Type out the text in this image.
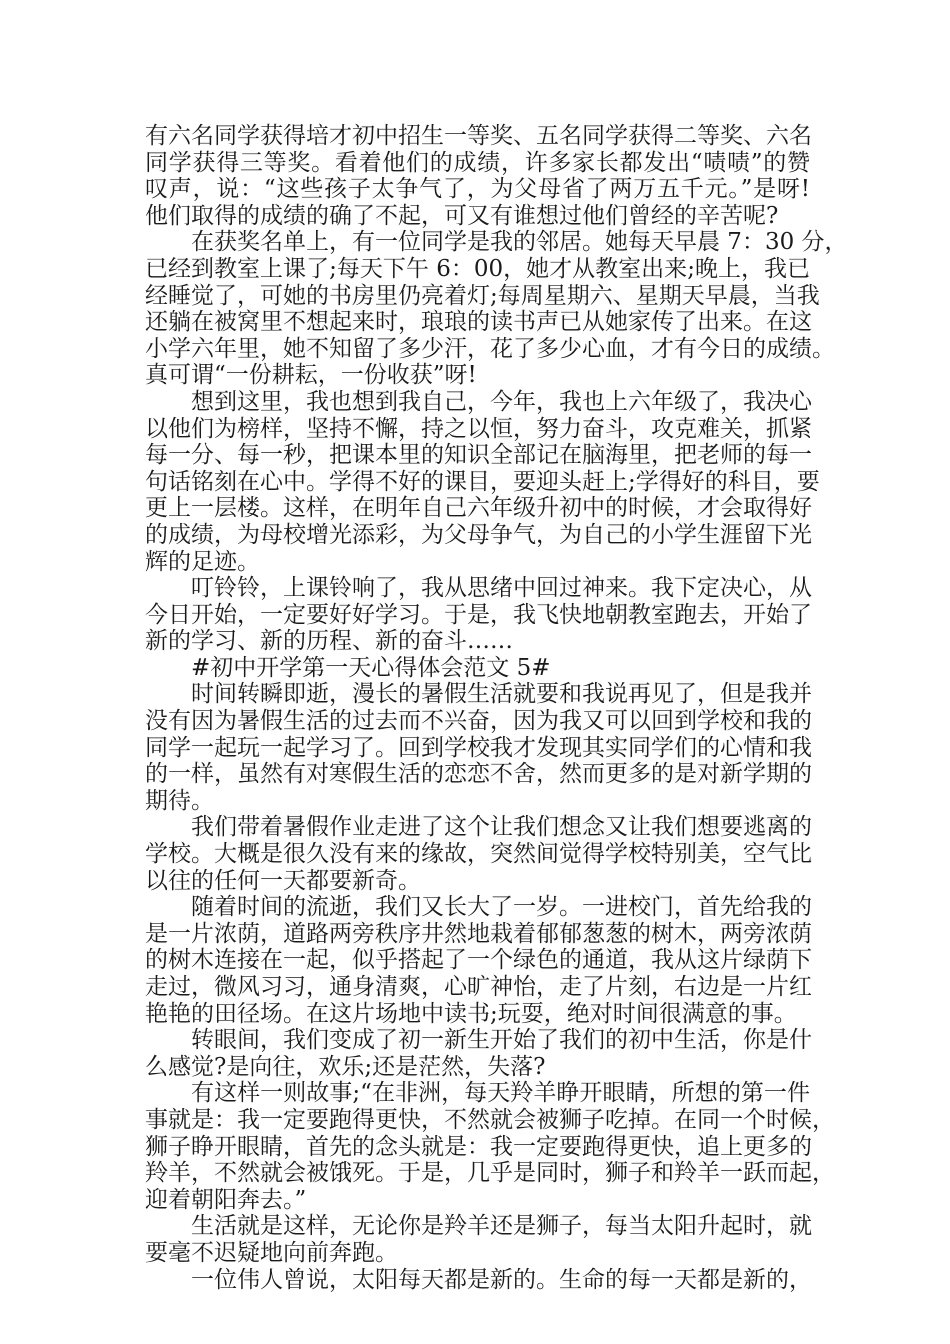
有六名同学获得培才初中招生一等奖、五名同学获得二等奖、六名
同学获得三等奖。看着他们的成绩，许多家长都发出“啧啧”的赞
叹声，说：“这些孩子太争气了，为父母省了两万五千元。”是呀!
他们取得的成绩的确了不起，可又有谁想过他们曾经的辛苦呢?
在获奖名单上，有一位同学是我的邻居。她每天早晨 7：30 分，
已经到教室上课了;每天下午 6：00，她才从教室出来;晚上，我已
经睡觉了，可她的书房里仍亮着灯;每周星期六、星期天早晨，当我
还躺在被窝里不想起来时，琅琅的读书声已从她家传了出来。在这
小学六年里，她不知留了多少汗，花了多少心血，才有今日的成绩。
真可谓“一份耕耘，一份收获”呀!
想到这里，我也想到我自己，今年，我也上六年级了，我决心
以他们为榜样，坚持不懈，持之以恒，努力奋斗，攻克难关，抓紧
每一分、每一秒，把课本里的知识全部记在脑海里，把老师的每一
句话铭刻在心中。学得不好的课目，要迎头赶上;学得好的科目，要
更上一层楼。这样，在明年自己六年级升初中的时候，才会取得好
的成绩，为母校增光添彩，为父母争气，为自己的小学生涯留下光
辉的足迹。
叮铃铃，上课铃响了，我从思绪中回过神来。我下定决心，从
今日开始，一定要好好学习。于是，我飞快地朝教室跑去，开始了
新的学习、新的历程、新的奋斗……
#初中开学第一天心得体会范文 5#
时间转瞬即逝，漫长的暑假生活就要和我说再见了，但是我并
没有因为暑假生活的过去而不兴奋，因为我又可以回到学校和我的
同学一起玩一起学习了。回到学校我才发现其实同学们的心情和我
的一样，虽然有对寒假生活的恋恋不舍，然而更多的是对新学期的
期待。
我们带着暑假作业走进了这个让我们想念又让我们想要逃离的
学校。大概是很久没有来的缘故，突然间觉得学校特别美，空气比
以往的任何一天都要新奇。
随着时间的流逝，我们又长大了一岁。一进校门，首先给我的
是一片浓荫，道路两旁秩序井然地栽着郁郁葱葱的树木，两旁浓荫
的树木连接在一起，似乎搭起了一个绿色的通道，我从这片绿荫下
走过，微风习习，通身清爽，心旷神怡，走了片刻，右边是一片红
艳艳的田径场。在这片场地中读书;玩耍，绝对时间很满意的事。
转眼间，我们变成了初一新生开始了我们的初中生活，你是什
么感觉?是向往，欢乐;还是茫然，失落?
有这样一则故事;“在非洲，每天羚羊睁开眼睛，所想的第一件
事就是：我一定要跑得更快，不然就会被狮子吃掉。在同一个时候，
狮子睁开眼睛，首先的念头就是：我一定要跑得更快，追上更多的
羚羊，不然就会被饿死。于是，几乎是同时，狮子和羚羊一跃而起，
迎着朝阳奔去。”
生活就是这样，无论你是羚羊还是狮子，每当太阳升起时，就
要毫不迟疑地向前奔跑。
一位伟人曾说，太阳每天都是新的。生命的每一天都是新的，
